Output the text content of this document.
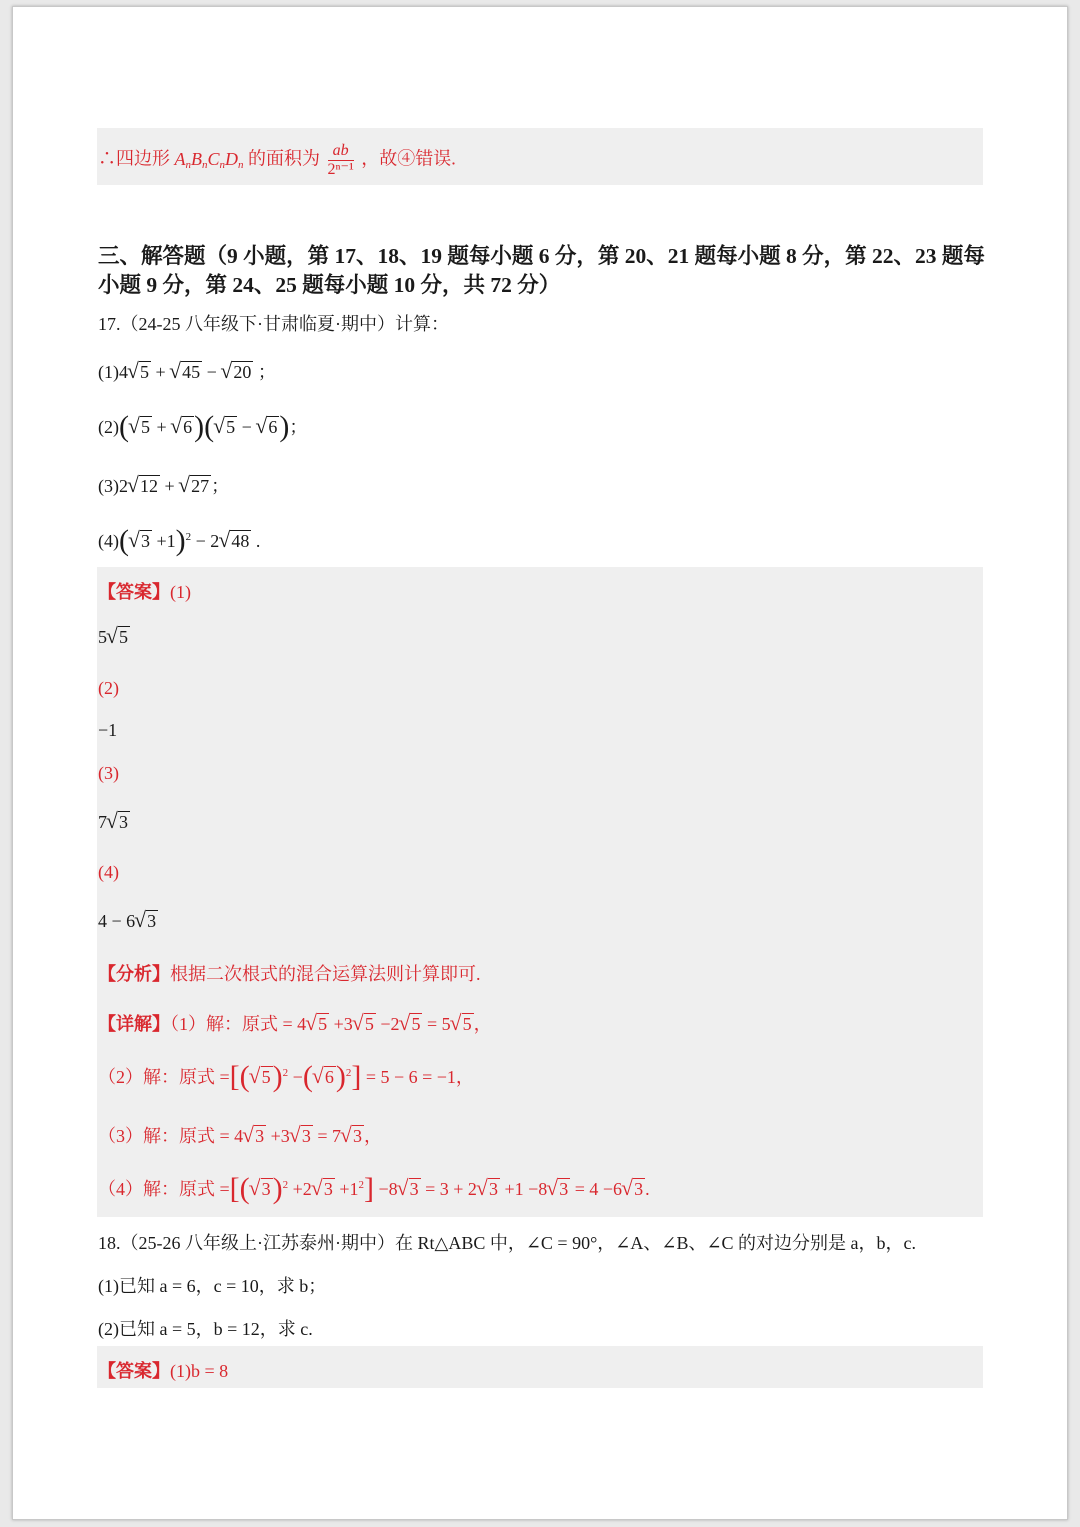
∴四边形 $A_nB_nC_nD_n$ 的面积为 $\frac{ab}{\text{2ⁿ⁻¹}}$ ，故④错误.
三、解答题（9 小题，第 17、18、19 题每小题 6 分，第 20、21 题每小题 8 分，第 22、23 题每小题 9 分，第 24、25 题每小题 10 分，共 72 分）
17.（24-25 八年级下·甘肃临夏·期中）计算：
(1)4√ 5 + √ 45 − √ 20 ；
(2)(√ 5 + √ 6)(√ 5 − √ 6)；
(3)2√ 12 + √ 27 ；
(4)(√ 3 +1)$^2$ − 2√ 48 .
【答案】(1)
5√ 5
(2)
−1
(3)
7√ 3
(4)
4 − 6√ 3
【分析】根据二次根式的混合运算法则计算即可.
【详解】（1）解：原式 = 4√ 5 +3√ 5 −2√ 5 = 5√ 5 ，
（2）解：原式 =[(√ 5)$^2$ −(√ 6)$^2$] = 5 − 6 = −1，
（3）解：原式 = 4√ 3 +3√ 3 = 7√ 3 ，
（4）解：原式 =[(√ 3)$^2$ +2√ $3 +1^2] -8√$ 3 = 3 + 2√ 3 +1 −8√ 3 = 4 −6√ 3 .
18.（25-26 八年级上·江苏泰州·期中）在 Rt△ABC 中，∠C = 90°，∠A、∠B、∠C 的对边分别是 a，b，c.
(1)已知 a = 6，c = 10，求 b；
(2)已知 a = 5，b = 12，求 c.
【答案】(1)b = 8
